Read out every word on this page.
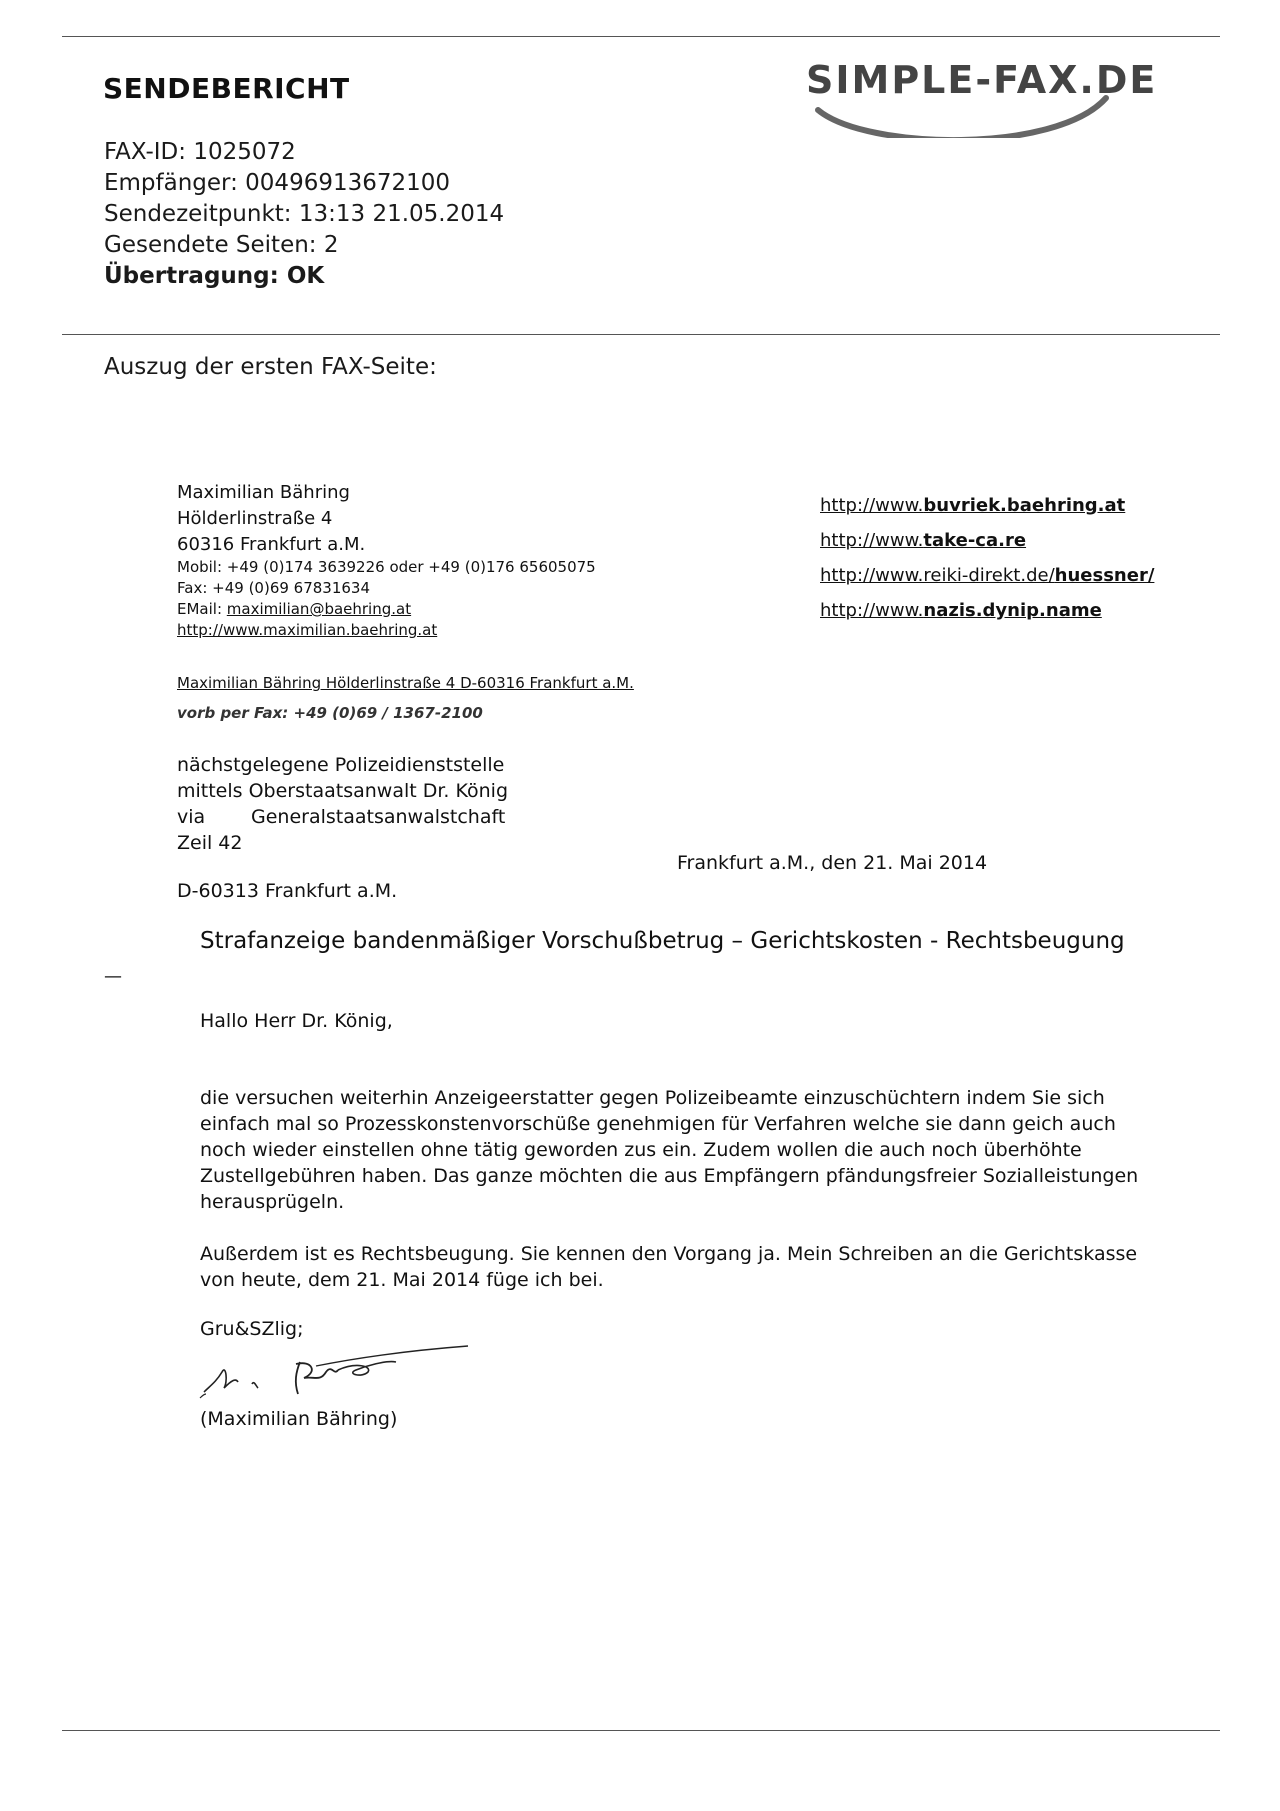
SENDEBERICHT	SIMPLE-FAX.DE
FAX-ID: 1025072
Empfänger: 00496913672100
Sendezeitpunkt: 13:13 21.05.2014
Gesendete Seiten: 2
Übertragung: OK
Auszug der ersten FAX-Seite:
Maximilian Bähring
Hölderlinstraße 4
60316 Frankfurt a.M.
Mobil: +49 (0)174 3639226 oder +49 (0)176 65605075
Fax: +49 (0)69 67831634
EMail: maximilian@baehring.at
http://www.maximilian.baehring.at
http://www.buvriek.baehring.at
http://www.take-ca.re
http://www.reiki-direkt.de/huessner/
http://www.nazis.dynip.name
Maximilian Bähring Hölderlinstraße 4 D-60316 Frankfurt a.M.
vorb per Fax: +49 (0)69 / 1367-2100
nächstgelegene Polizeidienststelle
mittels Oberstaatsanwalt Dr. König
via Generalstaatsanwalstchaft
Zeil 42
Frankfurt a.M., den 21. Mai 2014
D-60313 Frankfurt a.M.
Strafanzeige bandenmäßiger Vorschußbetrug – Gerichtskosten - Rechtsbeugung
—
Hallo Herr Dr. König,

die versuchen weiterhin Anzeigeerstatter gegen Polizeibeamte einzuschüchtern indem Sie sich einfach mal so Prozesskonstenvorschüße genehmigen für Verfahren welche sie dann geich auch noch wieder einstellen ohne tätig geworden zus ein. Zudem wollen die auch noch überhöhte Zustellgebühren haben. Das ganze möchten die aus Empfängern pfändungsfreier Sozialleistungen herausprügeln.

Außerdem ist es Rechtsbeugung. Sie kennen den Vorgang ja. Mein Schreiben an die Gerichtskasse von heute, dem 21. Mai 2014 füge ich bei.

Gru&SZlig;
(Maximilian Bähring)
